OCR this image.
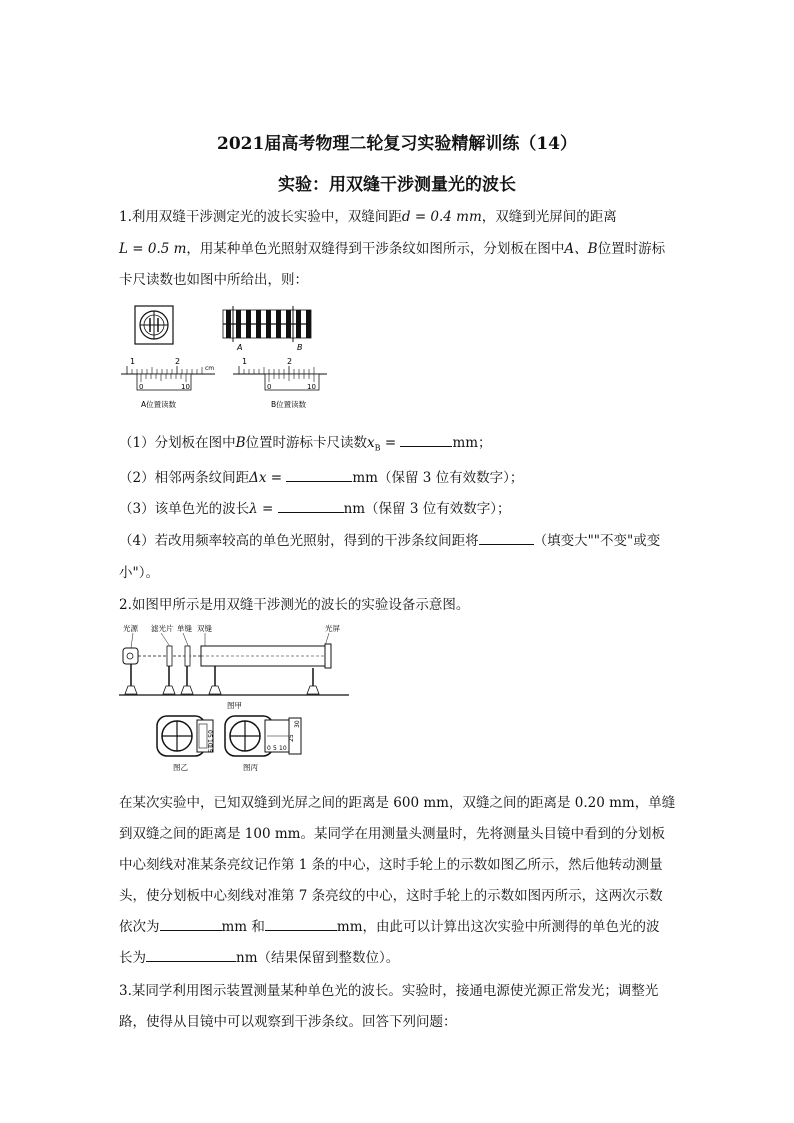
2021届高考物理二轮复习实验精解训练（14）
实验：用双缝干涉测量光的波长
1.利用双缝干涉测定光的波长实验中，双缝间距d = 0.4 mm，双缝到光屏间的距离
L = 0.5 m，用某种单色光照射双缝得到干涉条纹如图所示，分划板在图中A、B位置时游标
卡尺读数也如图中所给出，则：
A	B
1	2
cm
0	10
A位置读数
1	2
0	10
B位置读数
（1）分划板在图中B位置时游标卡尺读数$x_B$ =	mm；
（2）相邻两条纹间距Δx =	mm（保留 3 位有效数字）；
（3）该单色光的波长λ =	nm（保留 3 位有效数字）；
（4）若改用频率较高的单色光照射，得到的干涉条纹间距将	（填变大""不变"或变
小"）。
2.如图甲所示是用双缝干涉测光的波长的实验设备示意图。
光源 滤光片 单缝 双缝	光屏
图甲
0
5
10
15
图乙
0 5 10
25
30
图丙
在某次实验中，已知双缝到光屏之间的距离是 600 mm，双缝之间的距离是 0.20 mm，单缝
到双缝之间的距离是 100 mm。某同学在用测量头测量时，先将测量头目镜中看到的分划板
中心刻线对准某条亮纹记作第 1 条的中心，这时手轮上的示数如图乙所示，然后他转动测量
头，使分划板中心刻线对准第 7 条亮纹的中心，这时手轮上的示数如图丙所示，这两次示数
依次为	mm 和	mm，由此可以计算出这次实验中所测得的单色光的波
长为	nm（结果保留到整数位）。
3.某同学利用图示装置测量某种单色光的波长。实验时，接通电源使光源正常发光；调整光
路，使得从目镜中可以观察到干涉条纹。回答下列问题：
